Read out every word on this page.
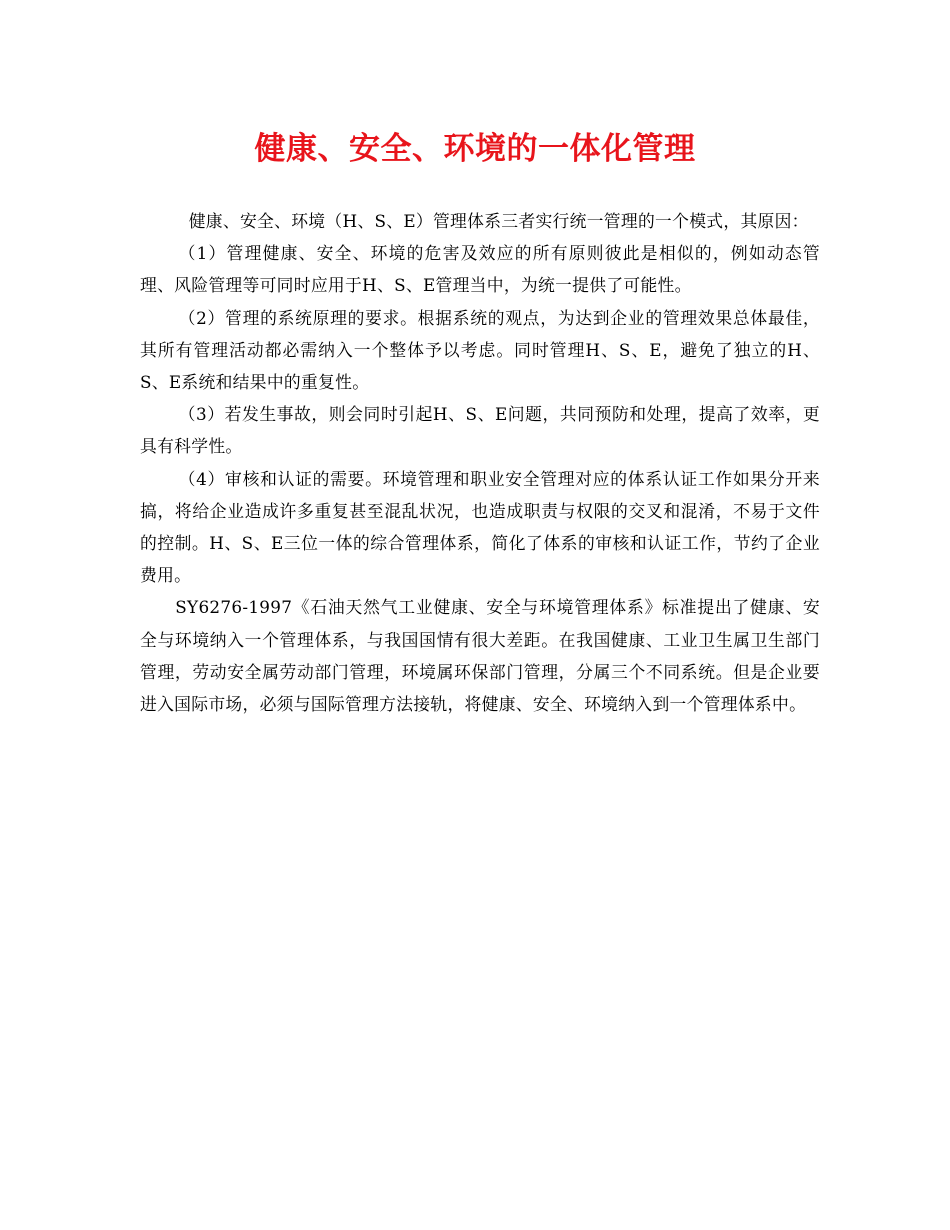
健康、安全、环境的一体化管理

健康、安全、环境（H、S、E）管理体系三者实行统一管理的一个模式，其原因：

（1）管理健康、安全、环境的危害及效应的所有原则彼此是相似的，例如动态管理、风险管理等可同时应用于H、S、E管理当中，为统一提供了可能性。

（2）管理的系统原理的要求。根据系统的观点，为达到企业的管理效果总体最佳，其所有管理活动都必需纳入一个整体予以考虑。同时管理H、S、E，避免了独立的H、S、E系统和结果中的重复性。

（3）若发生事故，则会同时引起H、S、E问题，共同预防和处理，提高了效率，更具有科学性。

（4）审核和认证的需要。环境管理和职业安全管理对应的体系认证工作如果分开来搞，将给企业造成许多重复甚至混乱状况，也造成职责与权限的交叉和混淆，不易于文件的控制。H、S、E三位一体的综合管理体系，简化了体系的审核和认证工作，节约了企业费用。

SY6276-1997《石油天然气工业健康、安全与环境管理体系》标准提出了健康、安全与环境纳入一个管理体系，与我国国情有很大差距。在我国健康、工业卫生属卫生部门管理，劳动安全属劳动部门管理，环境属环保部门管理，分属三个不同系统。但是企业要进入国际市场，必须与国际管理方法接轨，将健康、安全、环境纳入到一个管理体系中。
